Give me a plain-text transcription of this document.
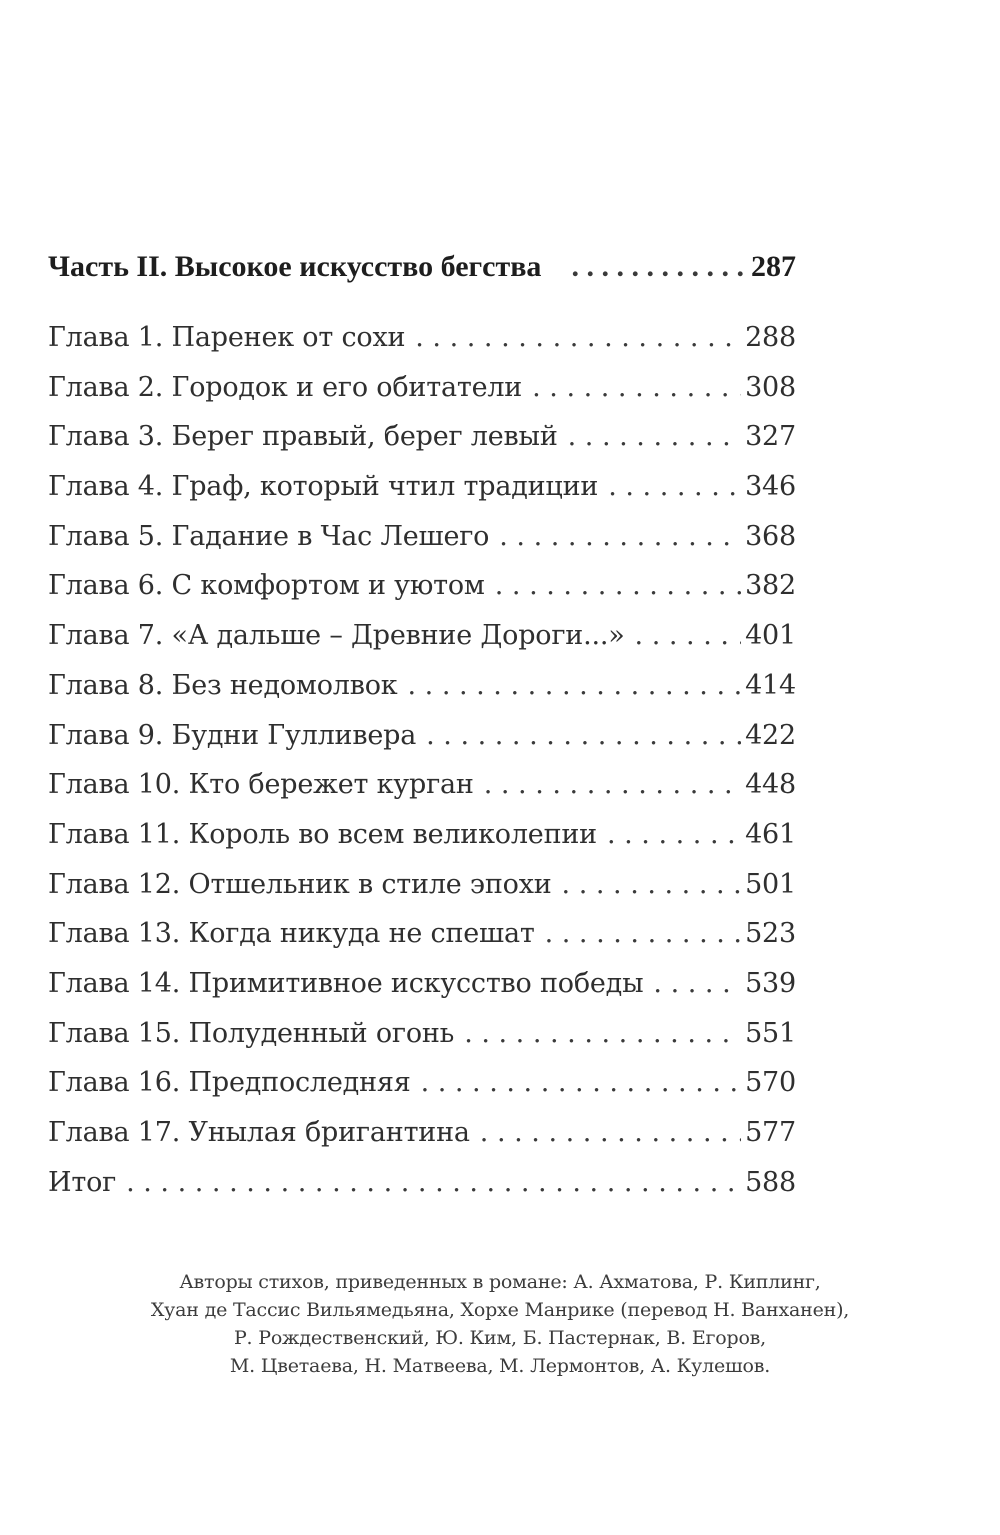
Часть II. Высокое искусство бегства . . .	287
Глава 1. Паренек от сохи . . .	288
Глава 2. Городок и его обитатели . . .	308
Глава 3. Берег правый, берег левый . . .	327
Глава 4. Граф, который чтил традиции . . .	346
Глава 5. Гадание в Час Лешего . . .	368
Глава 6. С комфортом и уютом . . .	382
Глава 7. «А дальше – Древние Дороги...» . . .	401
Глава 8. Без недомолвок . . .	414
Глава 9. Будни Гулливера . . .	422
Глава 10. Кто бережет курган . . .	448
Глава 11. Король во всем великолепии . . .	461
Глава 12. Отшельник в стиле эпохи . . .	501
Глава 13. Когда никуда не спешат . . .	523
Глава 14. Примитивное искусство победы . . .	539
Глава 15. Полуденный огонь . . .	551
Глава 16. Предпоследняя . . .	570
Глава 17. Унылая бригантина . . .	577
Итог . . .	588
Авторы стихов, приведенных в романе: А. Ахматова, Р. Киплинг,
Хуан де Тассис Вильямедьяна, Хорхе Манрике (перевод Н. Ванханен),
Р. Рождественский, Ю. Ким, Б. Пастернак, В. Егоров,
М. Цветаева, Н. Матвеева, М. Лермонтов, А. Кулешов.
